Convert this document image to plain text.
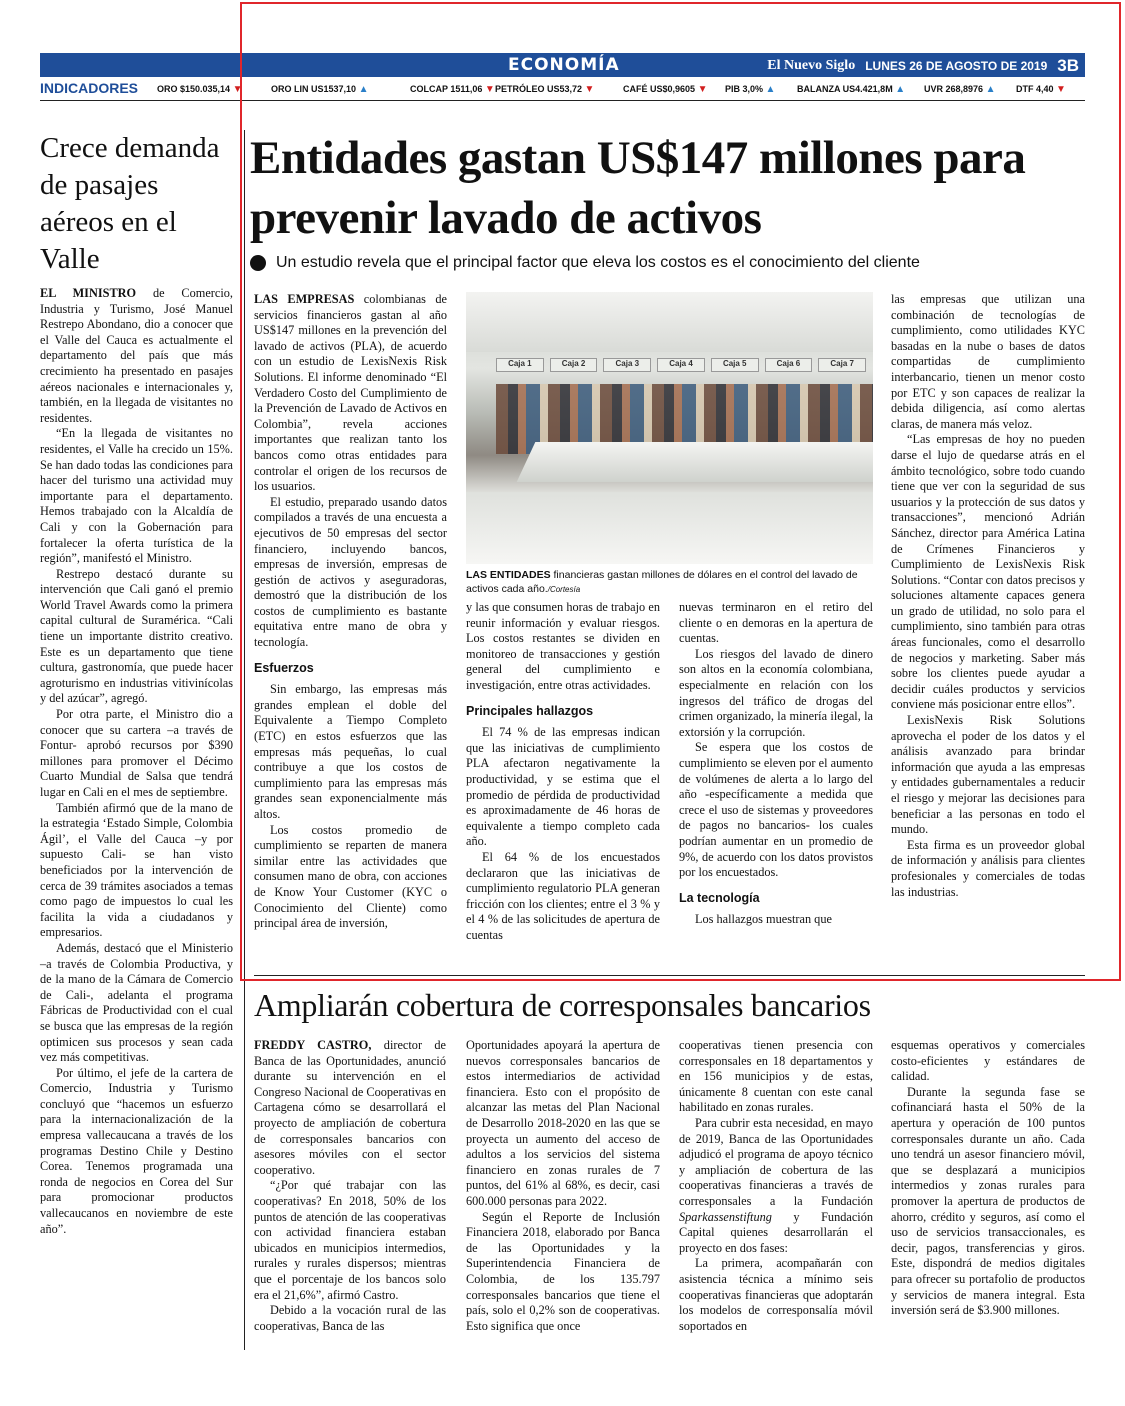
ECONOMÍA	El Nuevo Siglo LUNES 26 DE AGOSTO DE 2019 3B
INDICADORES ORO $150.035,14 ▼	ORO LIN US1537,10 ▲	COLCAP 1511,06 ▼ PETRÓLEO US53,72 ▼	CAFÉ US$0,9605 ▼ PIB 3,0% ▲ BALANZA US4.421,8M ▲ UVR 268,8976 ▲ DTF 4,40 ▼
Crece demanda de pasajes aéreos en el Valle

EL MINISTRO de Comercio, Industria y Turismo, José Manuel Restrepo Abondano, dio a conocer que el Valle del Cauca es actualmente el departamento del país que más crecimiento ha presentado en pasajes aéreos nacionales e internacionales y, también, en la llegada de visitantes no residentes.

“En la llegada de visitantes no residentes, el Valle ha crecido un 15%. Se han dado todas las condiciones para hacer del turismo una actividad muy importante para el departamento. Hemos trabajado con la Alcaldía de Cali y con la Gobernación para fortalecer la oferta turística de la región”, manifestó el Ministro.

Restrepo destacó durante su intervención que Cali ganó el premio World Travel Awards como la primera capital cultural de Suramérica. “Cali tiene un importante distrito creativo. Este es un departamento que tiene cultura, gastronomía, que puede hacer agroturismo en industrias vitivinícolas y del azúcar”, agregó.

Por otra parte, el Ministro dio a conocer que su cartera –a través de Fontur- aprobó recursos por $390 millones para promover el Décimo Cuarto Mundial de Salsa que tendrá lugar en Cali en el mes de septiembre.

También afirmó que de la mano de la estrategia ‘Estado Simple, Colombia Ágil’, el Valle del Cauca –y por supuesto Cali- se han visto beneficiados por la intervención de cerca de 39 trámites asociados a temas como pago de impuestos lo cual les facilita la vida a ciudadanos y empresarios.

Además, destacó que el Ministerio –a través de Colombia Productiva, y de la mano de la Cámara de Comercio de Cali-, adelanta el programa Fábricas de Productividad con el cual se busca que las empresas de la región optimicen sus procesos y sean cada vez más competitivas.

Por último, el jefe de la cartera de Comercio, Industria y Turismo concluyó que “hacemos un esfuerzo para la internacionalización de la empresa vallecaucana a través de los programas Destino Chile y Destino Corea. Tenemos programada una ronda de negocios en Corea del Sur para promocionar productos vallecaucanos en noviembre de este año”.

Entidades gastan US$147 millones para prevenir lavado de activos
Un estudio revela que el principal factor que eleva los costos es el conocimiento del cliente

LAS EMPRESAS colombianas de servicios financieros gastan al año US$147 millones en la prevención del lavado de activos (PLA), de acuerdo con un estudio de LexisNexis Risk Solutions. El informe denominado “El Verdadero Costo del Cumplimiento de la Prevención de Lavado de Activos en Colombia”, revela acciones importantes que realizan tanto los bancos como otras entidades para controlar el origen de los recursos de los usuarios.

El estudio, preparado usando datos compilados a través de una encuesta a ejecutivos de 50 empresas del sector financiero, incluyendo bancos, empresas de inversión, empresas de gestión de activos y aseguradoras, demostró que la distribución de los costos de cumplimiento es bastante equitativa entre mano de obra y tecnología.

Esfuerzos

Sin embargo, las empresas más grandes emplean el doble del Equivalente a Tiempo Completo (ETC) en estos esfuerzos que las empresas más pequeñas, lo cual contribuye a que los costos de cumplimiento para las empresas más grandes sean exponencialmente más altos.

Los costos promedio de cumplimiento se reparten de manera similar entre las actividades que consumen mano de obra, con acciones de Know Your Customer (KYC o Conocimiento del Cliente) como principal área de inversión,

Caja 1	Caja 2	Caja 3	Caja 4	Caja 5	Caja 6	Caja 7
LAS ENTIDADES financieras gastan millones de dólares en el control del lavado de activos cada año./Cortesía

y las que consumen horas de trabajo en reunir información y evaluar riesgos. Los costos restantes se dividen en monitoreo de transacciones y gestión general del cumplimiento e investigación, entre otras actividades.

Principales hallazgos

El 74 % de las empresas indican que las iniciativas de cumplimiento PLA afectaron negativamente la productividad, y se estima que el promedio de pérdida de productividad es aproximadamente de 46 horas de equivalente a tiempo completo cada año.

El 64 % de los encuestados declararon que las iniciativas de cumplimiento regulatorio PLA generan fricción con los clientes; entre el 3 % y el 4 % de las solicitudes de apertura de cuentas

nuevas terminaron en el retiro del cliente o en demoras en la apertura de cuentas.

Los riesgos del lavado de dinero son altos en la economía colombiana, especialmente en relación con los ingresos del tráfico de drogas del crimen organizado, la minería ilegal, la extorsión y la corrupción.

Se espera que los costos de cumplimiento se eleven por el aumento de volúmenes de alerta a lo largo del año -específicamente a medida que crece el uso de sistemas y proveedores de pagos no bancarios- los cuales podrían aumentar en un promedio de 9%, de acuerdo con los datos provistos por los encuestados.

La tecnología

Los hallazgos muestran que

las empresas que utilizan una combinación de tecnologías de cumplimiento, como utilidades KYC basadas en la nube o bases de datos compartidas de cumplimiento interbancario, tienen un menor costo por ETC y son capaces de realizar la debida diligencia, así como alertas claras, de manera más veloz.

“Las empresas de hoy no pueden darse el lujo de quedarse atrás en el ámbito tecnológico, sobre todo cuando tiene que ver con la seguridad de sus usuarios y la protección de sus datos y transacciones”, mencionó Adrián Sánchez, director para América Latina de Crímenes Financieros y Cumplimiento de LexisNexis Risk Solutions. “Contar con datos precisos y soluciones altamente capaces genera un grado de utilidad, no solo para el cumplimiento, sino también para otras áreas funcionales, como el desarrollo de negocios y marketing. Saber más sobre los clientes puede ayudar a decidir cuáles productos y servicios conviene más posicionar entre ellos”.

LexisNexis Risk Solutions aprovecha el poder de los datos y el análisis avanzado para brindar información que ayuda a las empresas y entidades gubernamentales a reducir el riesgo y mejorar las decisiones para beneficiar a las personas en todo el mundo.

Esta firma es un proveedor global de información y análisis para clientes profesionales y comerciales de todas las industrias.

Ampliarán cobertura de corresponsales bancarios

FREDDY CASTRO, director de Banca de las Oportunidades, anunció durante su intervención en el Congreso Nacional de Cooperativas en Cartagena cómo se desarrollará el proyecto de ampliación de cobertura de corresponsales bancarios con asesores móviles con el sector cooperativo.

“¿Por qué trabajar con las cooperativas? En 2018, 50% de los puntos de atención de las cooperativas con actividad financiera estaban ubicados en municipios intermedios, rurales y rurales dispersos; mientras que el porcentaje de los bancos solo era el 21,6%”, afirmó Castro.

Debido a la vocación rural de las cooperativas, Banca de las

Oportunidades apoyará la apertura de nuevos corresponsales bancarios de estos intermediarios de actividad financiera. Esto con el propósito de alcanzar las metas del Plan Nacional de Desarrollo 2018-2020 en las que se proyecta un aumento del acceso de adultos a los servicios del sistema financiero en zonas rurales de 7 puntos, del 61% al 68%, es decir, casi 600.000 personas para 2022.

Según el Reporte de Inclusión Financiera 2018, elaborado por Banca de las Oportunidades y la Superintendencia Financiera de Colombia, de los 135.797 corresponsales bancarios que tiene el país, solo el 0,2% son de cooperativas. Esto significa que once

cooperativas tienen presencia con corresponsales en 18 departamentos y en 156 municipios y de estas, únicamente 8 cuentan con este canal habilitado en zonas rurales.

Para cubrir esta necesidad, en mayo de 2019, Banca de las Oportunidades adjudicó el programa de apoyo técnico y ampliación de cobertura de las cooperativas financieras a través de corresponsales a la Fundación Sparkassenstiftung y Fundación Capital quienes desarrollarán el proyecto en dos fases:

La primera, acompañarán con asistencia técnica a mínimo seis cooperativas financieras que adoptarán los modelos de corresponsalía móvil soportados en

esquemas operativos y comerciales costo-eficientes y estándares de calidad.

Durante la segunda fase se cofinanciará hasta el 50% de la apertura y operación de 100 puntos corresponsales durante un año. Cada uno tendrá un asesor financiero móvil, que se desplazará a municipios intermedios y zonas rurales para promover la apertura de productos de ahorro, crédito y seguros, así como el uso de servicios transaccionales, es decir, pagos, transferencias y giros. Este, dispondrá de medios digitales para ofrecer su portafolio de productos y servicios de manera integral. Esta inversión será de $3.900 millones.
